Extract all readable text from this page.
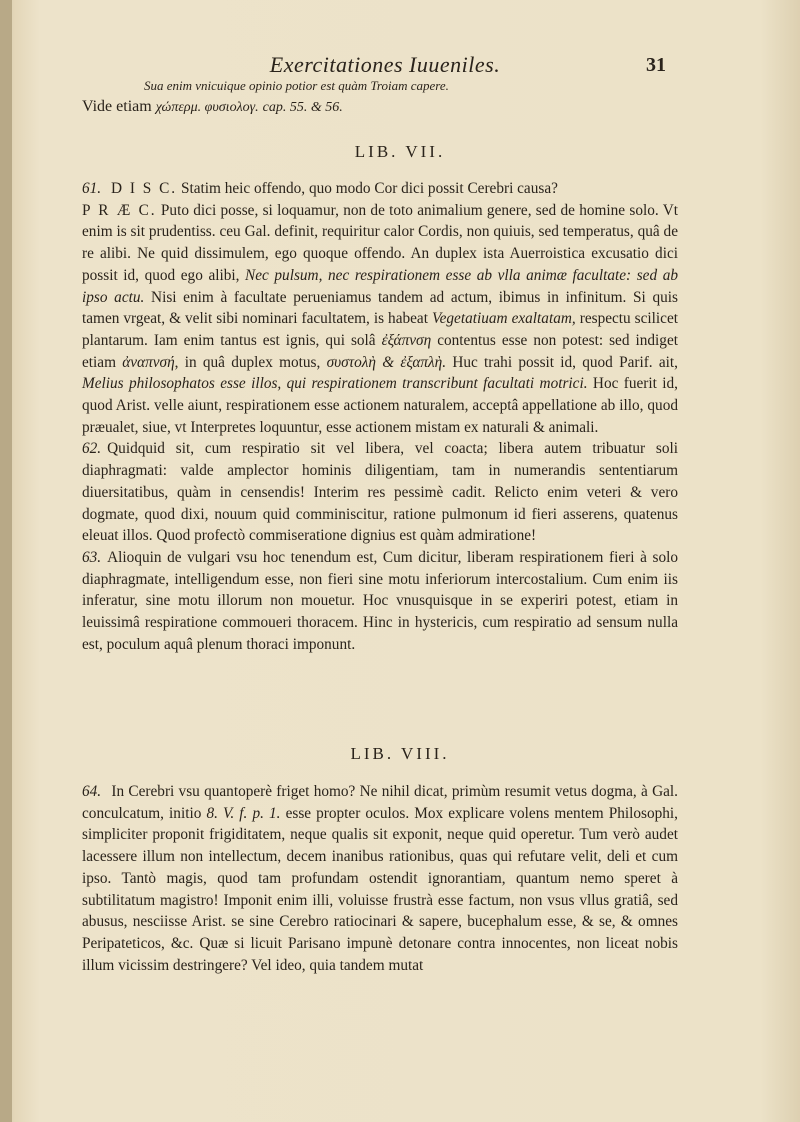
Exercitationes Iuueniles.	31
Sua enim vnicuique opinio potior est quàm Troiam capere.
Vide etiam χώπερμ. φυσιολογ. cap. 55. & 56.
LIB. VII.

61. D I S C. Statim heic offendo, quo modo Cor dici possit Cerebri causa?
P R Æ C. Puto dici posse, si loquamur, non de toto animalium genere, sed de homine solo. Vt enim is sit prudentiss. ceu Gal. definit, requiritur calor Cordis, non quiuis, sed temperatus, quâ de re alibi. Ne quid dissimulem, ego quoque offendo. An duplex ista Auerroistica excusatio dici possit id, quod ego alibi, Nec pulsum, nec respirationem esse ab vlla animæ facultate: sed ab ipso actu. Nisi enim à facultate perueniamus tandem ad actum, ibimus in infinitum. Si quis tamen vrgeat, & velit sibi nominari facultatem, is habeat Vegetatiuam exaltatam, respectu scilicet plantarum. Iam enim tantus est ignis, qui solâ ἐξάπνση contentus esse non potest: sed indiget etiam ἀναπνσή, in quâ duplex motus, συστολὴ & ἐξαπλὴ. Huc trahi possit id, quod Parif. ait, Melius philosophatos esse illos, qui respirationem transcribunt facultati motrici. Hoc fuerit id, quod Arist. velle aiunt, respirationem esse actionem naturalem, acceptâ appellatione ab illo, quod præualet, siue, vt Interpretes loquuntur, esse actionem mistam ex naturali & animali.

62. Quidquid sit, cum respiratio sit vel libera, vel coacta; libera autem tribuatur soli diaphragmati: valde amplector hominis diligentiam, tam in numerandis sententiarum diuersitatibus, quàm in censendis! Interim res pessimè cadit. Relicto enim veteri & vero dogmate, quod dixi, nouum quid comminiscitur, ratione pulmonum id fieri asserens, quatenus eleuat illos. Quod profectò commiseratione dignius est quàm admiratione!

63. Alioquin de vulgari vsu hoc tenendum est, Cum dicitur, liberam respirationem fieri à solo diaphragmate, intelligendum esse, non fieri sine motu inferiorum intercostalium. Cum enim iis inferatur, sine motu illorum non mouetur. Hoc vnusquisque in se experiri potest, etiam in leuissimâ respiratione commoueri thoracem. Hinc in hystericis, cum respiratio ad sensum nulla est, poculum aquâ plenum thoraci imponunt.

LIB. VIII.

64. In Cerebri vsu quantoperè friget homo? Ne nihil dicat, primùm resumit vetus dogma, à Gal. conculcatum, initio 8. V. f. p. 1. esse propter oculos. Mox explicare volens mentem Philosophi, simpliciter proponit frigiditatem, neque qualis sit exponit, neque quid operetur. Tum verò audet lacessere illum non intellectum, decem inanibus rationibus, quas qui refutare velit, deli et cum ipso. Tantò magis, quod tam profundam ostendit ignorantiam, quantum nemo speret à subtilitatum magistro! Imponit enim illi, voluisse frustrà esse factum, non vsus vllus gratiâ, sed abusus, nesciisse Arist. se sine Cerebro ratiocinari & sapere, bucephalum esse, & se, & omnes Peripateticos, &c. Quæ si licuit Parisano impunè detonare contra innocentes, non liceat nobis illum vicissim destringere? Vel ideo, quia tandem mutat
